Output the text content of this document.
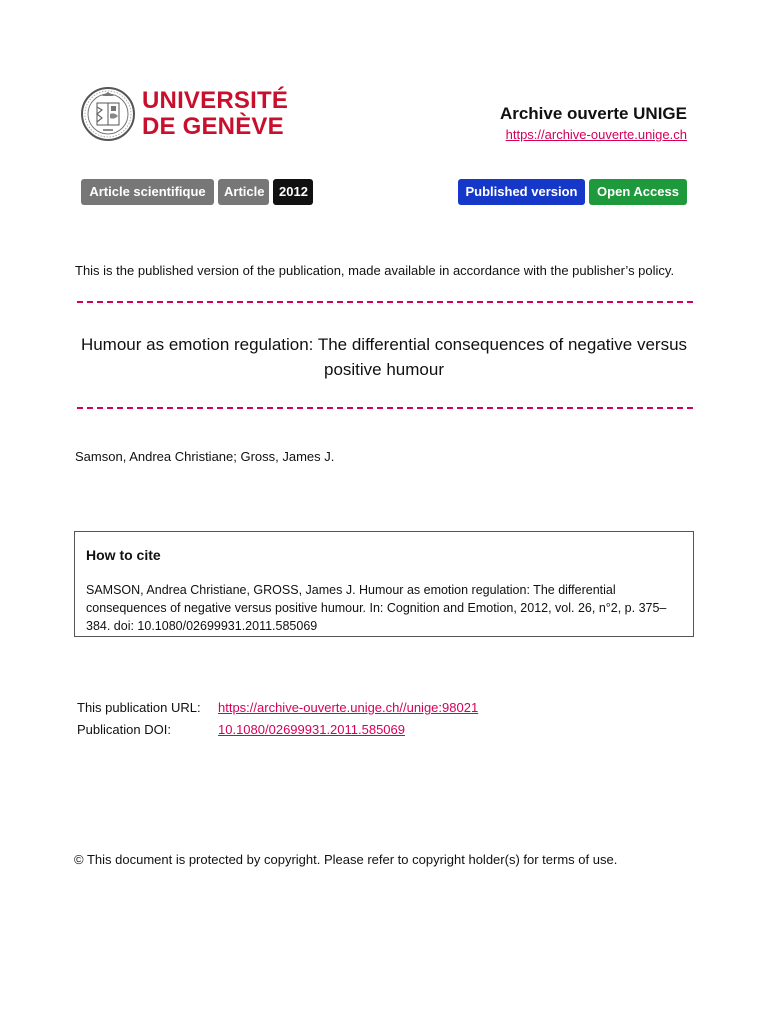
UNIVERSITÉ
DE GENÈVE	Archive ouverte UNIGE
https://archive-ouverte.unige.ch
Article scientifique	Article	2012	Published version	Open Access
This is the published version of the publication, made available in accordance with the publisher’s policy.
Humour as emotion regulation: The differential consequences of negative versus positive humour
Samson, Andrea Christiane; Gross, James J.
How to cite
SAMSON, Andrea Christiane, GROSS, James J. Humour as emotion regulation: The differential consequences of negative versus positive humour. In: Cognition and Emotion, 2012, vol. 26, n°2, p. 375–384. doi: 10.1080/02699931.2011.585069
This publication URL: https://archive-ouverte.unige.ch//unige:98021
Publication DOI:	10.1080/02699931.2011.585069
© This document is protected by copyright. Please refer to copyright holder(s) for terms of use.
